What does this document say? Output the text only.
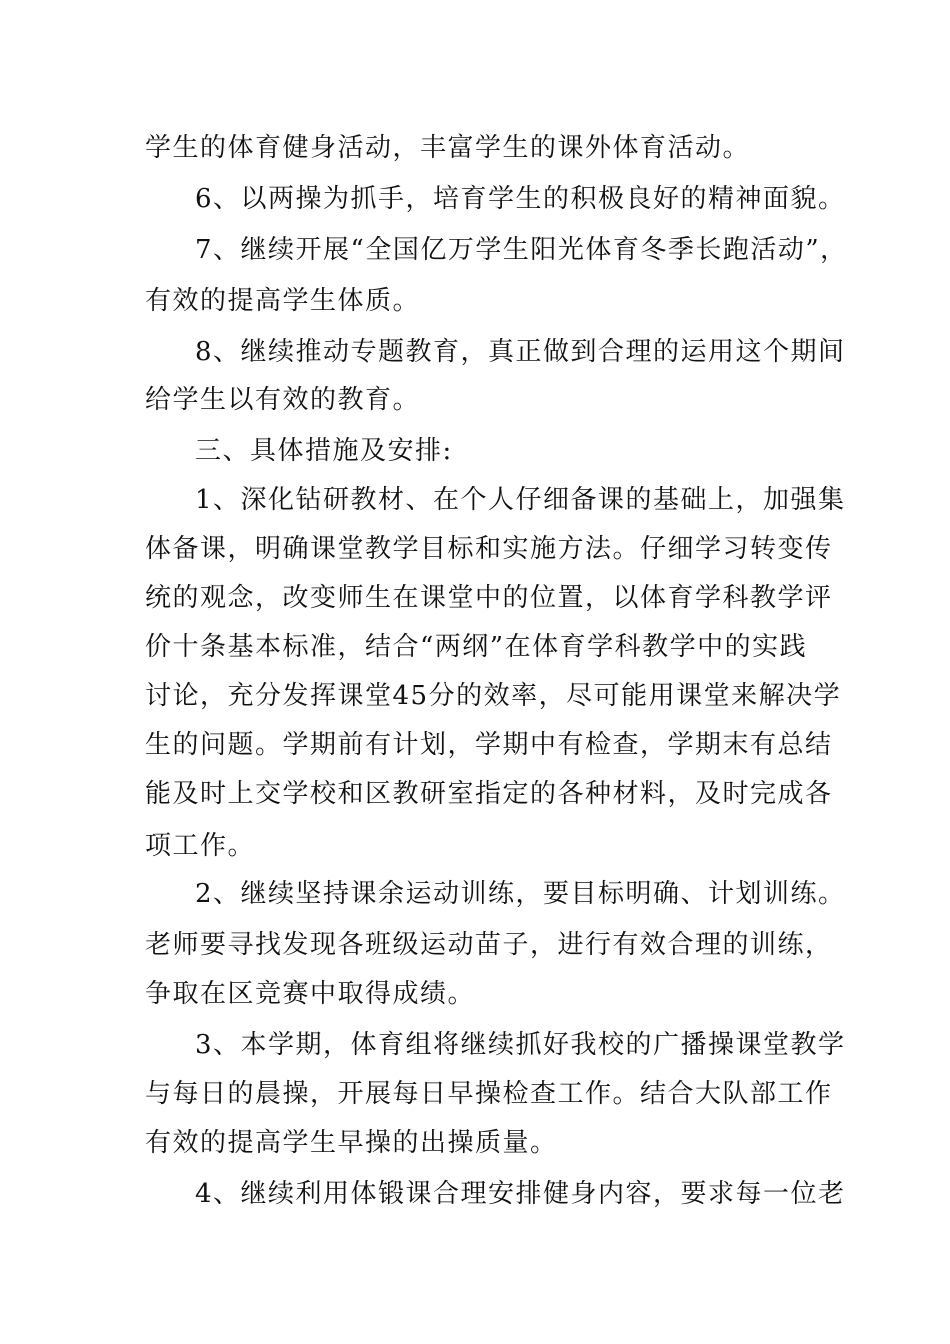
学生的体育健身活动，丰富学生的课外体育活动。
6、以两操为抓手，培育学生的积极良好的精神面貌。
7、继续开展“全国亿万学生阳光体育冬季长跑活动”，
有效的提高学生体质。
8、继续推动专题教育，真正做到合理的运用这个期间
给学生以有效的教育。
三、具体措施及安排:
1、深化钻研教材、在个人仔细备课的基础上，加强集
体备课，明确课堂教学目标和实施方法。仔细学习转变传
统的观念，改变师生在课堂中的位置，以体育学科教学评
价十条基本标准，结合“两纲”在体育学科教学中的实践
讨论，充分发挥课堂45分的效率，尽可能用课堂来解决学
生的问题。学期前有计划，学期中有检查，学期末有总结
能及时上交学校和区教研室指定的各种材料，及时完成各
项工作。
2、继续坚持课余运动训练，要目标明确、计划训练。
老师要寻找发现各班级运动苗子，进行有效合理的训练，
争取在区竞赛中取得成绩。
3、本学期，体育组将继续抓好我校的广播操课堂教学
与每日的晨操，开展每日早操检查工作。结合大队部工作
有效的提高学生早操的出操质量。
4、继续利用体锻课合理安排健身内容，要求每一位老
